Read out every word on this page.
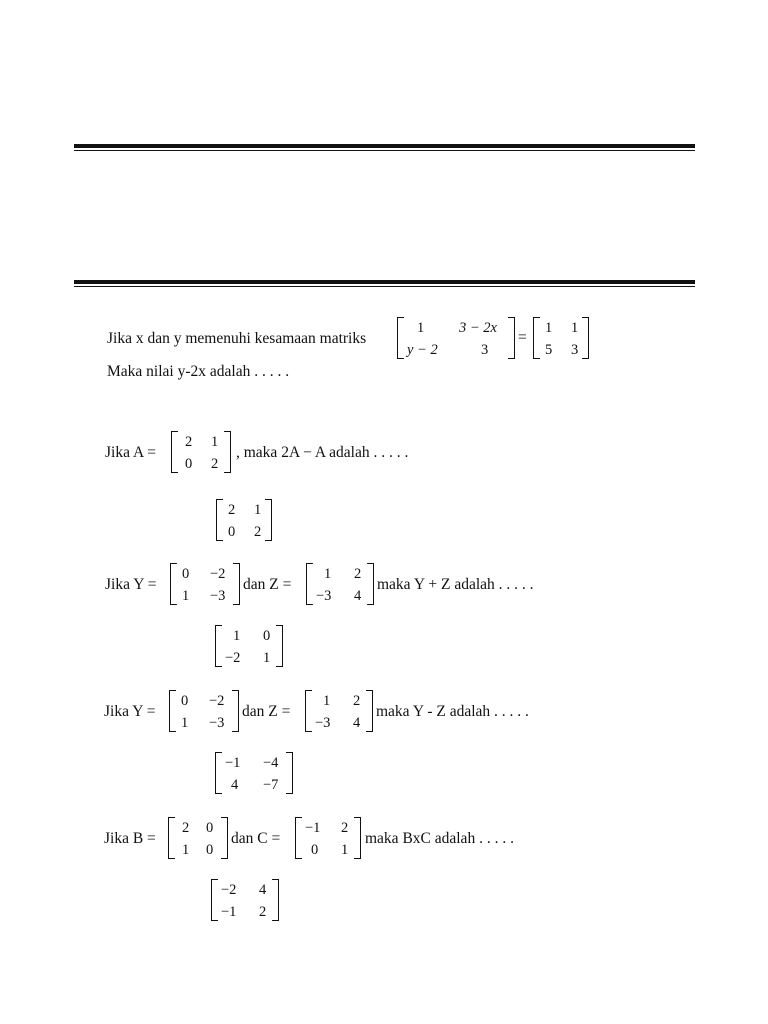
Jika x dan y memenuhi kesamaan matriks
1 3 − 2x
y − 2	3
=
1 1
5 3
Maka nilai y-2x adalah . . . . .
Jika A =
2 1
0 2
, maka 2A − A adalah . . . . .
2 1
0 2
Jika Y =
0 −2
1 −3
dan Z =
1 2
−3 4
maka Y + Z adalah . . . . .
1 0
−2 1
Jika Y =
0 −2
1 −3
dan Z =
1 2
−3 4
maka Y - Z adalah . . . . .
−1 −4
4 −7
Jika B =
2 0
1 0
dan C =
−1 2
0 1
maka BxC adalah . . . . .
−2 4
−1 2
